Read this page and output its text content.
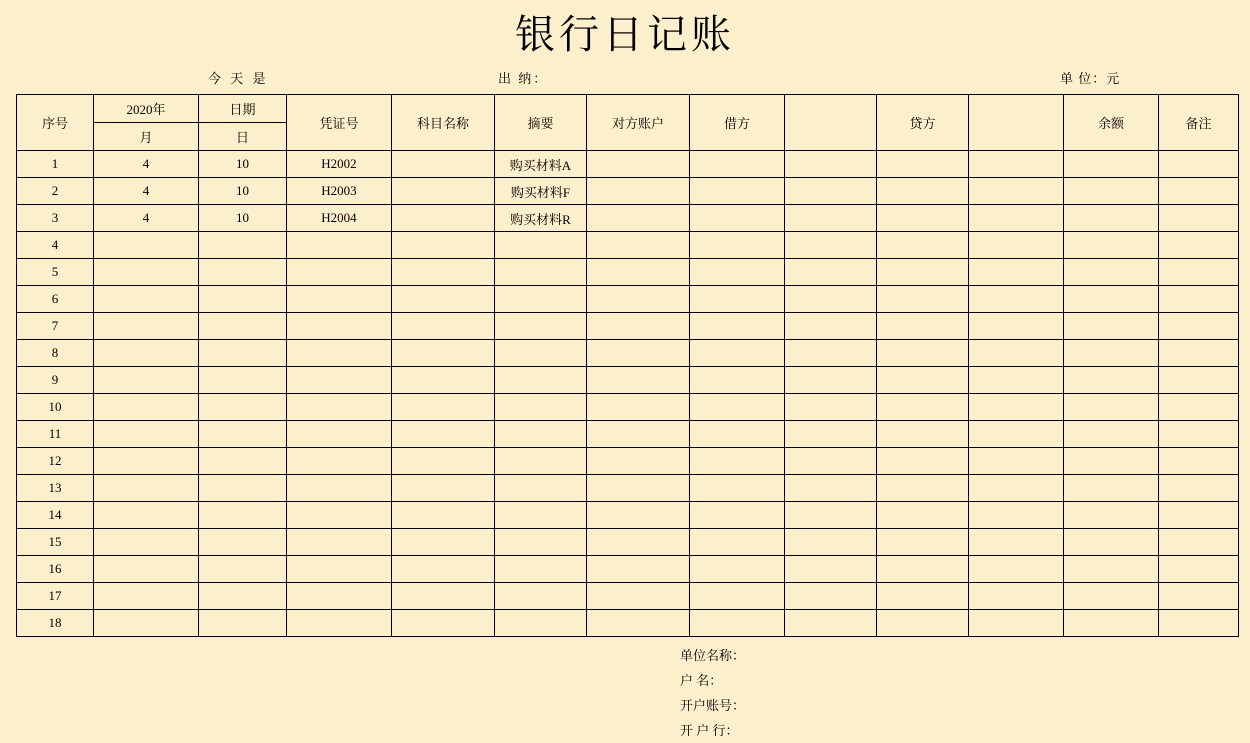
银行日记账
今 天 是	出 纳：	单 位：元
序号	2020年	日期	凭证号	科目名称	摘要	对方账户	借方		贷方		余额	备注
	月	日										
1	4	10	H2002		购买材料A							
2	4	10	H2003		购买材料F							
3	4	10	H2004		购买材料R							
4												
5												
6												
7												
8												
9												
10												
11												
12												
13												
14												
15												
16												
17												
18												
单位名称：
户 名：
开户账号：
开 户 行：
